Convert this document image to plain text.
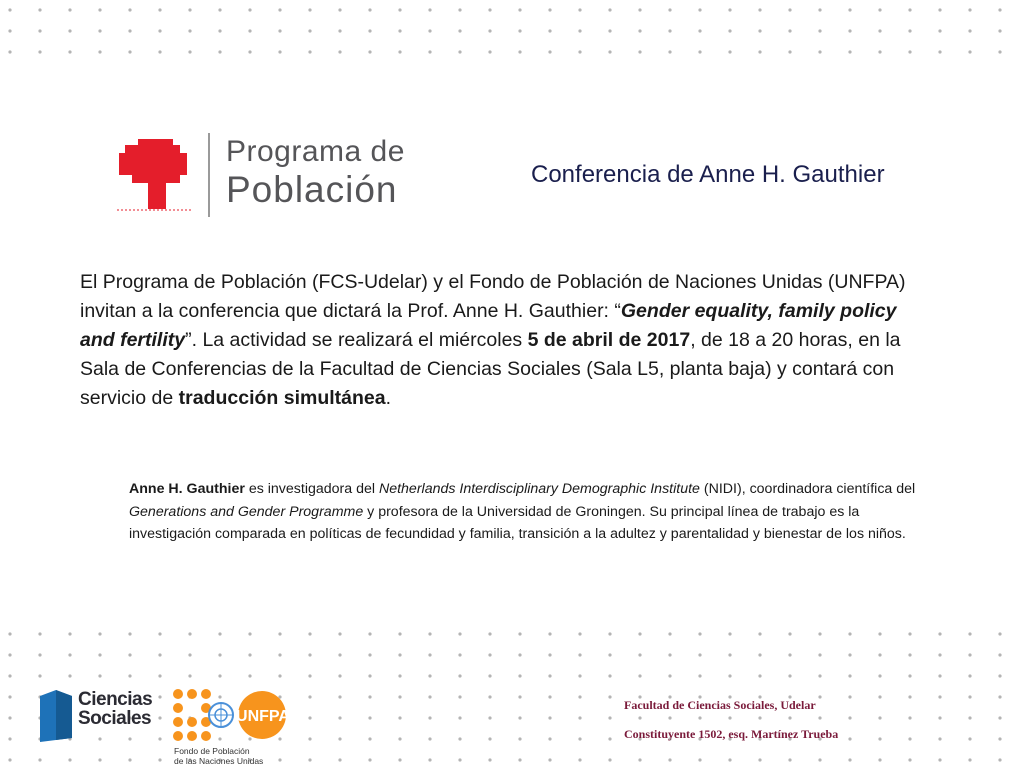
Programa de
Población	Conferencia de Anne H. Gauthier

El Programa de Población (FCS-Udelar) y el Fondo de Población de Naciones Unidas (UNFPA) invitan a la conferencia que dictará la Prof. Anne H. Gauthier: “Gender equality, family policy and fertility”. La actividad se realizará el miércoles 5 de abril de 2017, de 18 a 20 horas, en la Sala de Conferencias de la Facultad de Ciencias Sociales (Sala L5, planta baja) y contará con servicio de traducción simultánea.

Anne H. Gauthier es investigadora del Netherlands Interdisciplinary Demographic Institute (NIDI), coordinadora científica del Generations and Gender Programme y profesora de la Universidad de Groningen. Su principal línea de trabajo es la investigación comparada en políticas de fecundidad y familia, transición a la adultez y parentalidad y bienestar de los niños.

Ciencias
Sociales	UNFPA
Fondo de Población
de las Naciones Unidas
Facultad de Ciencias Sociales, Udelar
Constituyente 1502, esq. Martínez Trueba
